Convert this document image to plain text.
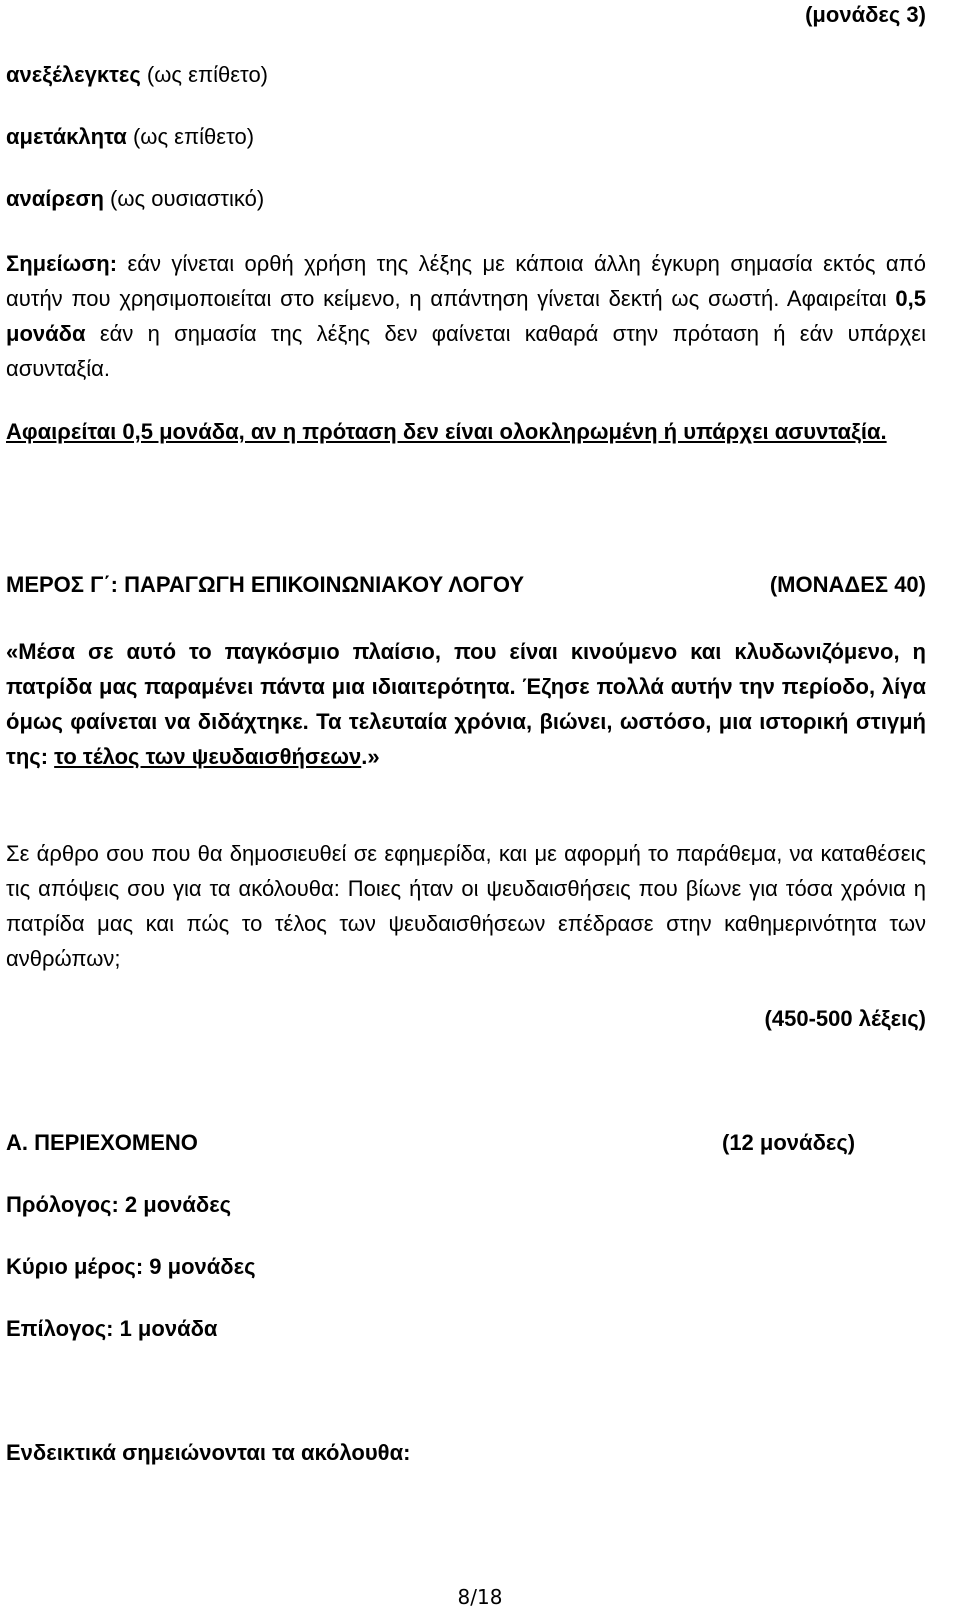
(μονάδες 3)
ανεξέλεγκτες (ως επίθετο)
αμετάκλητα (ως επίθετο)
αναίρεση (ως ουσιαστικό)

Σημείωση: εάν γίνεται ορθή χρήση της λέξης με κάποια άλλη έγκυρη σημασία εκτός από αυτήν που χρησιμοποιείται στο κείμενο, η απάντηση γίνεται δεκτή ως σωστή. Αφαιρείται 0,5 μονάδα εάν η σημασία της λέξης δεν φαίνεται καθαρά στην πρόταση ή εάν υπάρχει ασυνταξία.

Αφαιρείται 0,5 μονάδα, αν η πρόταση δεν είναι ολοκληρωμένη ή υπάρχει ασυνταξία.

ΜΕΡΟΣ Γ΄: ΠΑΡΑΓΩΓΗ ΕΠΙΚΟΙΝΩΝΙΑΚΟΥ ΛΟΓΟΥ	(ΜΟΝΑΔΕΣ 40)

«Μέσα σε αυτό το παγκόσμιο πλαίσιο, που είναι κινούμενο και κλυδωνιζόμενο, η πατρίδα μας παραμένει πάντα μια ιδιαιτερότητα. Έζησε πολλά αυτήν την περίοδο, λίγα όμως φαίνεται να διδάχτηκε. Τα τελευταία χρόνια, βιώνει, ωστόσο, μια ιστορική στιγμή της: το τέλος των ψευδαισθήσεων.»

Σε άρθρο σου που θα δημοσιευθεί σε εφημερίδα, και με αφορμή το παράθεμα, να καταθέσεις τις απόψεις σου για τα ακόλουθα: Ποιες ήταν οι ψευδαισθήσεις που βίωνε για τόσα χρόνια η πατρίδα μας και πώς το τέλος των ψευδαισθήσεων επέδρασε στην καθημερινότητα των ανθρώπων;

(450-500 λέξεις)
Α. ΠΕΡΙΕΧΟΜΕΝΟ	(12 μονάδες)
Πρόλογος: 2 μονάδες
Κύριο μέρος: 9 μονάδες
Επίλογος: 1 μονάδα
Ενδεικτικά σημειώνονται τα ακόλουθα:
8/18
